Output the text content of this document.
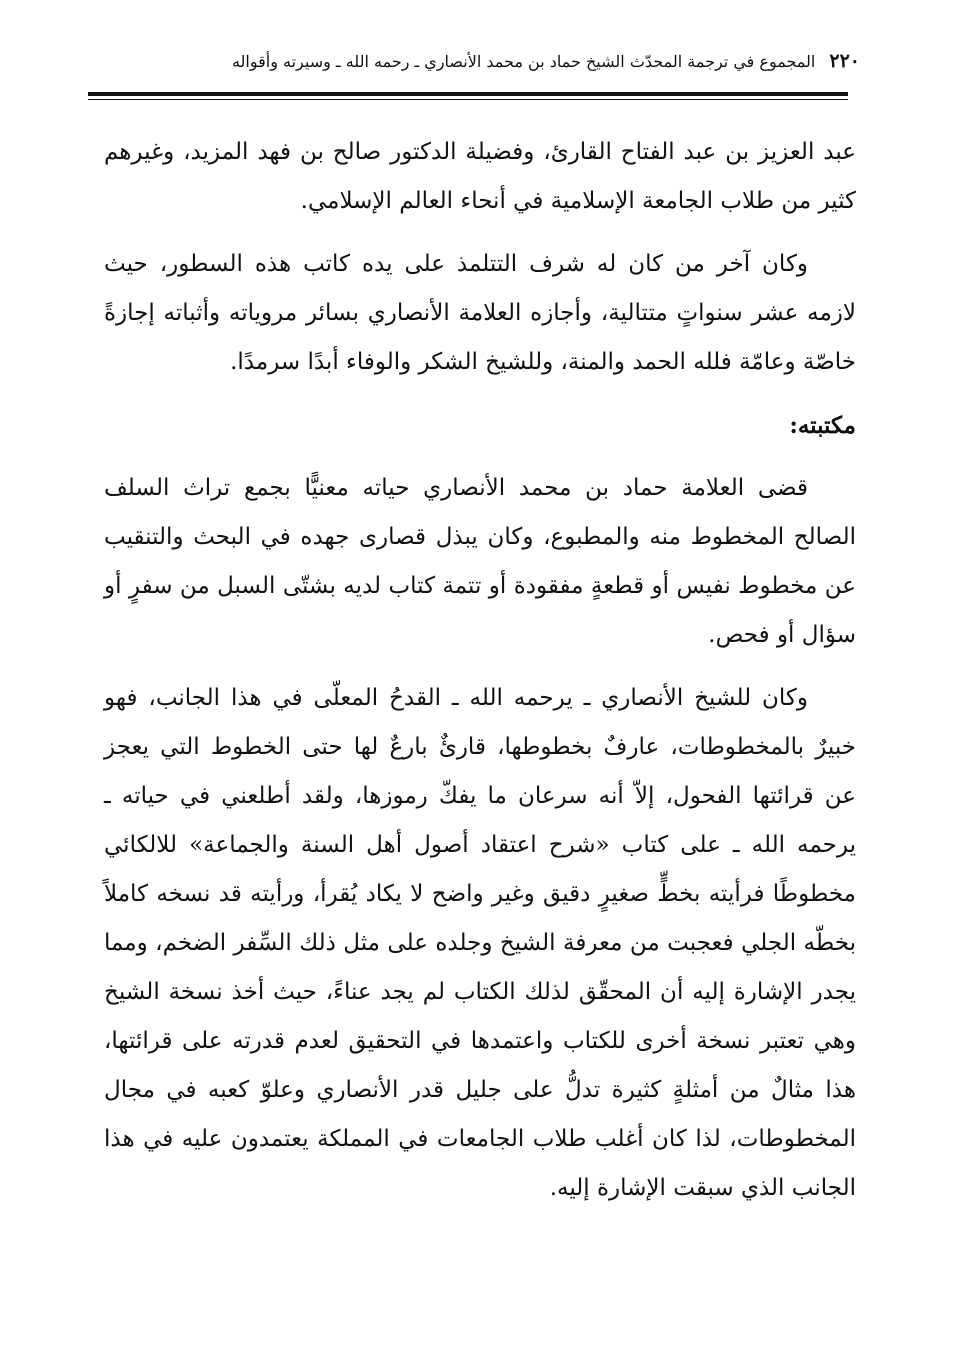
٢٢٠
المجموع في ترجمة المحدّث الشيخ حماد بن محمد الأنصاري ـ رحمه الله ـ وسيرته وأقواله

عبد العزيز بن عبد الفتاح القارئ، وفضيلة الدكتور صالح بن فهد المزيد، وغيرهم كثير من طلاب الجامعة الإسلامية في أنحاء العالم الإسلامي.

وكان آخر من كان له شرف التتلمذ على يده كاتب هذه السطور، حيث لازمه عشر سنواتٍ متتالية، وأجازه العلامة الأنصاري بسائر مروياته وأثباته إجازةً خاصّة وعامّة فلله الحمد والمنة، وللشيخ الشكر والوفاء أبدًا سرمدًا.

مكتبته:

قضى العلامة حماد بن محمد الأنصاري حياته معنيًّا بجمع تراث السلف الصالح المخطوط منه والمطبوع، وكان يبذل قصارى جهده في البحث والتنقيب عن مخطوط نفيس أو قطعةٍ مفقودة أو تتمة كتاب لديه بشتّى السبل من سفرٍ أو سؤال أو فحص.

وكان للشيخ الأنصاري ـ يرحمه الله ـ القدحُ المعلّى في هذا الجانب، فهو خبيرٌ بالمخطوطات، عارفٌ بخطوطها، قارئٌ بارعٌ لها حتى الخطوط التي يعجز عن قرائتها الفحول، إلاّ أنه سرعان ما يفكّ رموزها، ولقد أطلعني في حياته ـ يرحمه الله ـ على كتاب «شرح اعتقاد أصول أهل السنة والجماعة» للالكائي مخطوطًا فرأيته بخطٍّ صغيرٍ دقيق وغير واضح لا يكاد يُقرأ، ورأيته قد نسخه كاملاً بخطّه الجلي فعجبت من معرفة الشيخ وجلده على مثل ذلك السِّفر الضخم، ومما يجدر الإشارة إليه أن المحقّق لذلك الكتاب لم يجد عناءً، حيث أخذ نسخة الشيخ وهي تعتبر نسخة أخرى للكتاب واعتمدها في التحقيق لعدم قدرته على قرائتها، هذا مثالٌ من أمثلةٍ كثيرة تدلُّ على جليل قدر الأنصاري وعلوّ كعبه في مجال المخطوطات، لذا كان أغلب طلاب الجامعات في المملكة يعتمدون عليه في هذا الجانب الذي سبقت الإشارة إليه.
